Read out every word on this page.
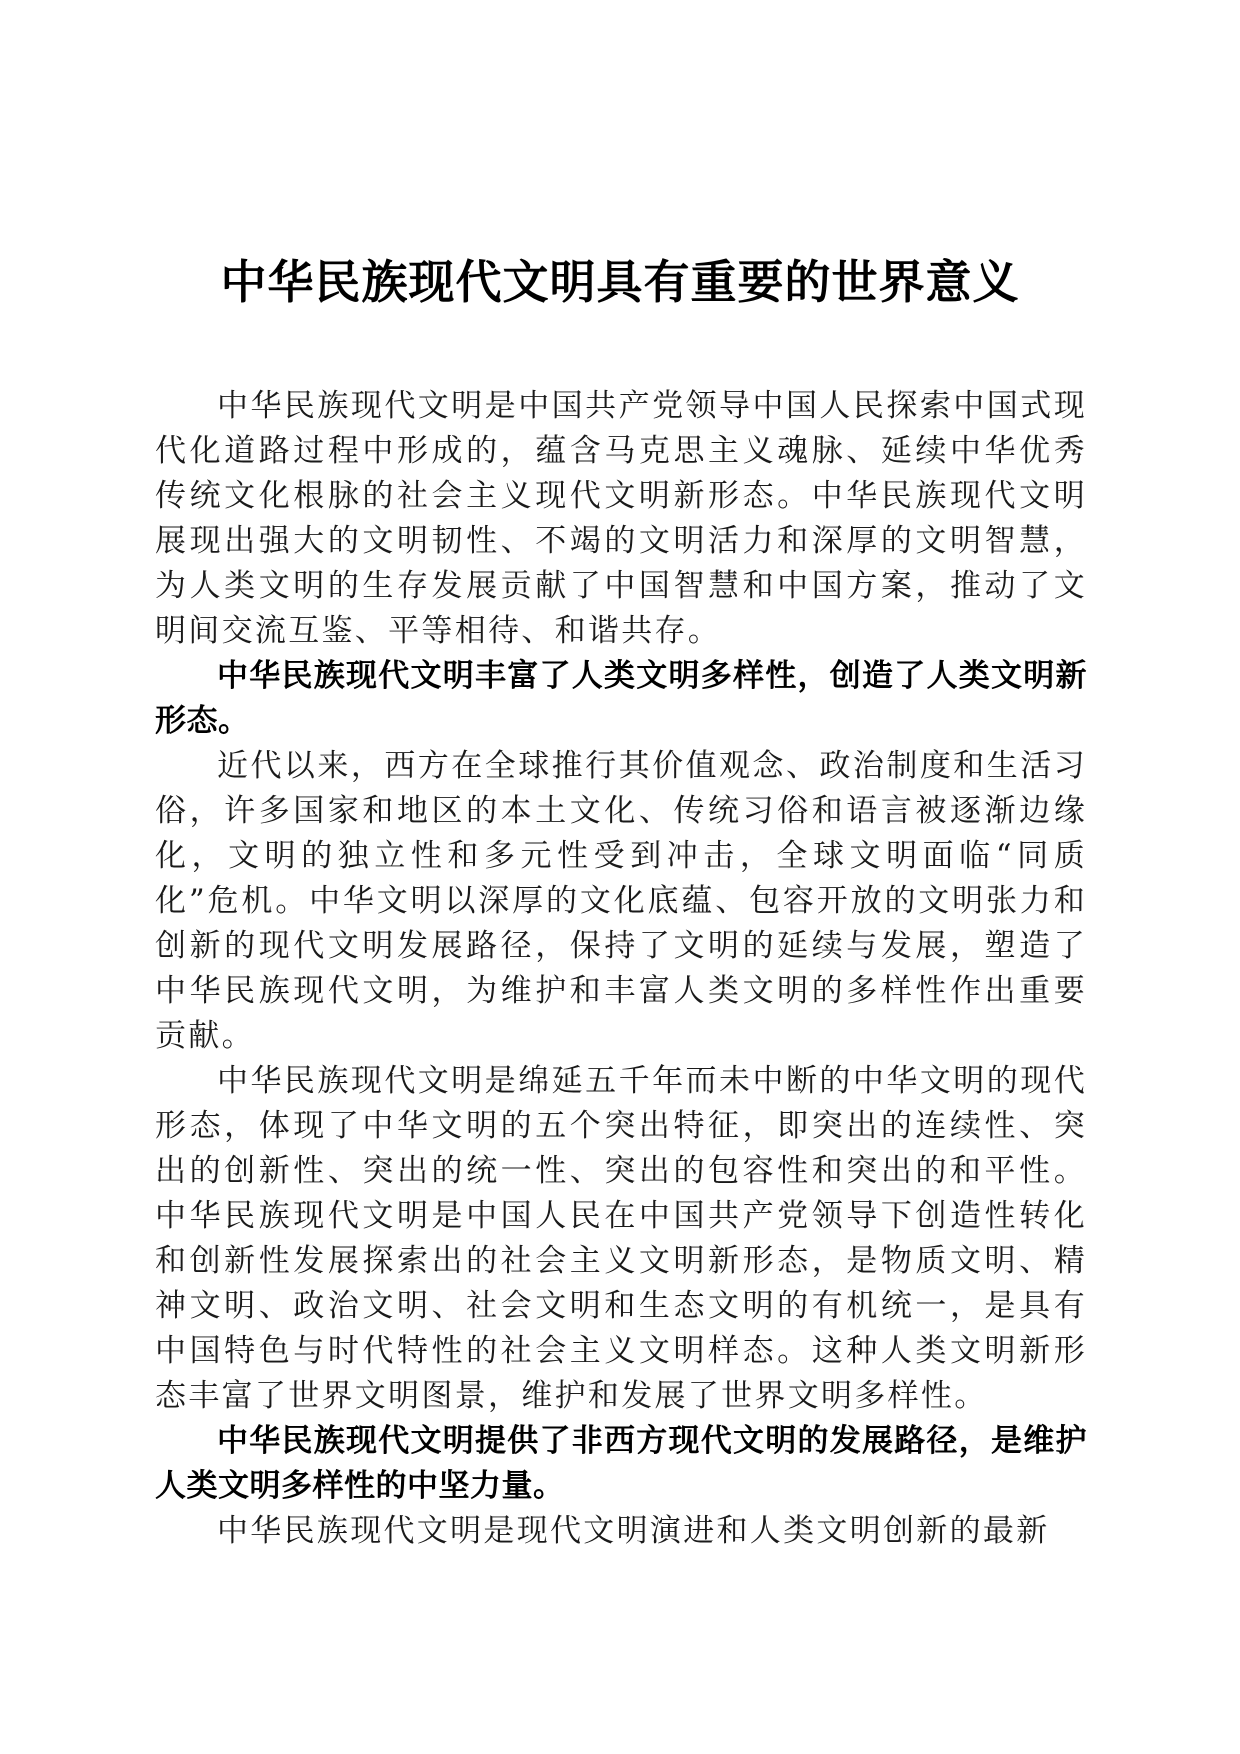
中华民族现代文明具有重要的世界意义

中华民族现代文明是中国共产党领导中国人民探索中国式现代化道路过程中形成的，蕴含马克思主义魂脉、延续中华优秀传统文化根脉的社会主义现代文明新形态。中华民族现代文明展现出强大的文明韧性、不竭的文明活力和深厚的文明智慧，为人类文明的生存发展贡献了中国智慧和中国方案，推动了文明间交流互鉴、平等相待、和谐共存。

中华民族现代文明丰富了人类文明多样性，创造了人类文明新形态。

近代以来，西方在全球推行其价值观念、政治制度和生活习俗，许多国家和地区的本土文化、传统习俗和语言被逐渐边缘化，文明的独立性和多元性受到冲击，全球文明面临“同质化”危机。中华文明以深厚的文化底蕴、包容开放的文明张力和创新的现代文明发展路径，保持了文明的延续与发展，塑造了中华民族现代文明，为维护和丰富人类文明的多样性作出重要贡献。

中华民族现代文明是绵延五千年而未中断的中华文明的现代形态，体现了中华文明的五个突出特征，即突出的连续性、突出的创新性、突出的统一性、突出的包容性和突出的和平性。中华民族现代文明是中国人民在中国共产党领导下创造性转化和创新性发展探索出的社会主义文明新形态，是物质文明、精神文明、政治文明、社会文明和生态文明的有机统一，是具有中国特色与时代特性的社会主义文明样态。这种人类文明新形态丰富了世界文明图景，维护和发展了世界文明多样性。

中华民族现代文明提供了非西方现代文明的发展路径，是维护人类文明多样性的中坚力量。

中华民族现代文明是现代文明演进和人类文明创新的最新
